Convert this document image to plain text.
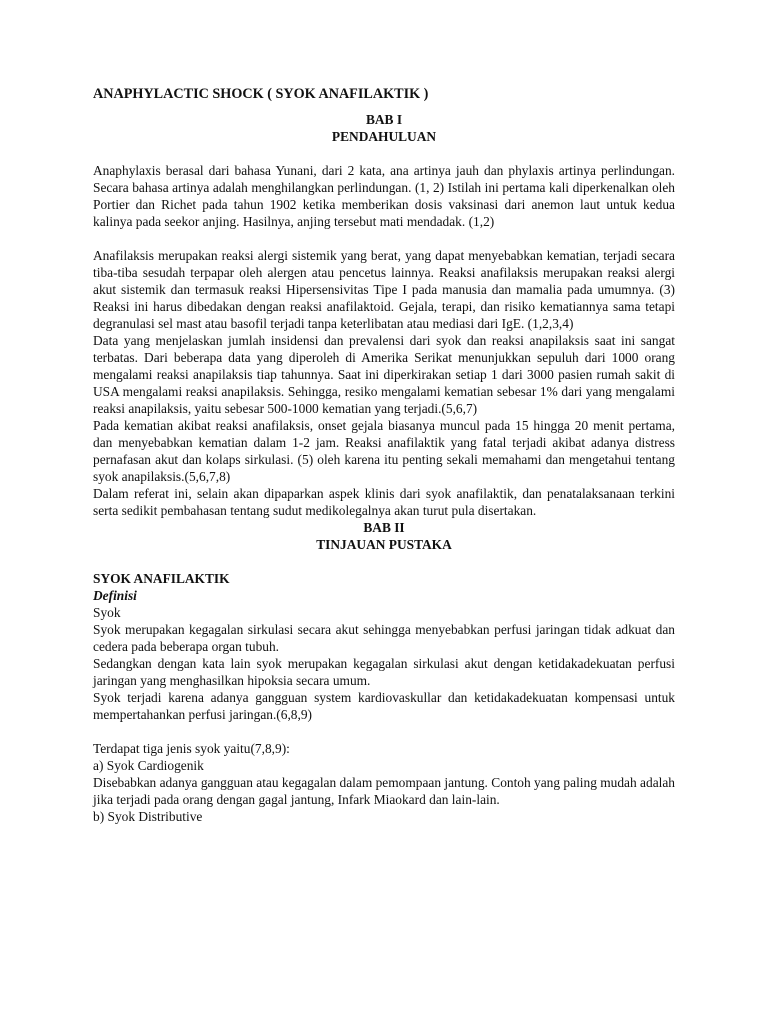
ANAPHYLACTIC SHOCK ( SYOK ANAFILAKTIK )

BAB I

PENDAHULUAN

Anaphylaxis berasal dari bahasa Yunani, dari 2 kata, ana artinya jauh dan phylaxis artinya perlindungan. Secara bahasa artinya adalah menghilangkan perlindungan. (1, 2) Istilah ini pertama kali diperkenalkan oleh Portier dan Richet pada tahun 1902 ketika memberikan dosis vaksinasi dari anemon laut untuk kedua kalinya pada seekor anjing. Hasilnya, anjing tersebut mati mendadak. (1,2)

Anafilaksis merupakan reaksi alergi sistemik yang berat, yang dapat menyebabkan kematian, terjadi secara tiba-tiba sesudah terpapar oleh alergen atau pencetus lainnya. Reaksi anafilaksis merupakan reaksi alergi akut sistemik dan termasuk reaksi Hipersensivitas Tipe I pada manusia dan mamalia pada umumnya. (3) Reaksi ini harus dibedakan dengan reaksi anafilaktoid. Gejala, terapi, dan risiko kematiannya sama tetapi degranulasi sel mast atau basofil terjadi tanpa keterlibatan atau mediasi dari IgE. (1,2,3,4)

Data yang menjelaskan jumlah insidensi dan prevalensi dari syok dan reaksi anapilaksis saat ini sangat terbatas. Dari beberapa data yang diperoleh di Amerika Serikat menunjukkan sepuluh dari 1000 orang mengalami reaksi anapilaksis tiap tahunnya. Saat ini diperkirakan setiap 1 dari 3000 pasien rumah sakit di USA mengalami reaksi anapilaksis. Sehingga, resiko mengalami kematian sebesar 1% dari yang mengalami reaksi anapilaksis, yaitu sebesar 500-1000 kematian yang terjadi.(5,6,7)

Pada kematian akibat reaksi anafilaksis, onset gejala biasanya muncul pada 15 hingga 20 menit pertama, dan menyebabkan kematian dalam 1-2 jam. Reaksi anafilaktik yang fatal terjadi akibat adanya distress pernafasan akut dan kolaps sirkulasi. (5) oleh karena itu penting sekali memahami dan mengetahui tentang syok anapilaksis.(5,6,7,8)

Dalam referat ini, selain akan dipaparkan aspek klinis dari syok anafilaktik, dan penatalaksanaan terkini serta sedikit pembahasan tentang sudut medikolegalnya akan turut pula disertakan.

BAB II

TINJAUAN PUSTAKA

SYOK ANAFILAKTIK

Definisi

Syok

Syok merupakan kegagalan sirkulasi secara akut sehingga menyebabkan perfusi jaringan tidak adkuat dan cedera pada beberapa organ tubuh.

Sedangkan dengan kata lain syok merupakan kegagalan sirkulasi akut dengan ketidakadekuatan perfusi jaringan yang menghasilkan hipoksia secara umum.

Syok terjadi karena adanya gangguan system kardiovaskullar dan ketidakadekuatan kompensasi untuk mempertahankan perfusi jaringan.(6,8,9)

Terdapat tiga jenis syok yaitu(7,8,9):

a) Syok Cardiogenik

Disebabkan adanya gangguan atau kegagalan dalam pemompaan jantung. Contoh yang paling mudah adalah jika terjadi pada orang dengan gagal jantung, Infark Miaokard dan lain-lain.

b) Syok Distributive
